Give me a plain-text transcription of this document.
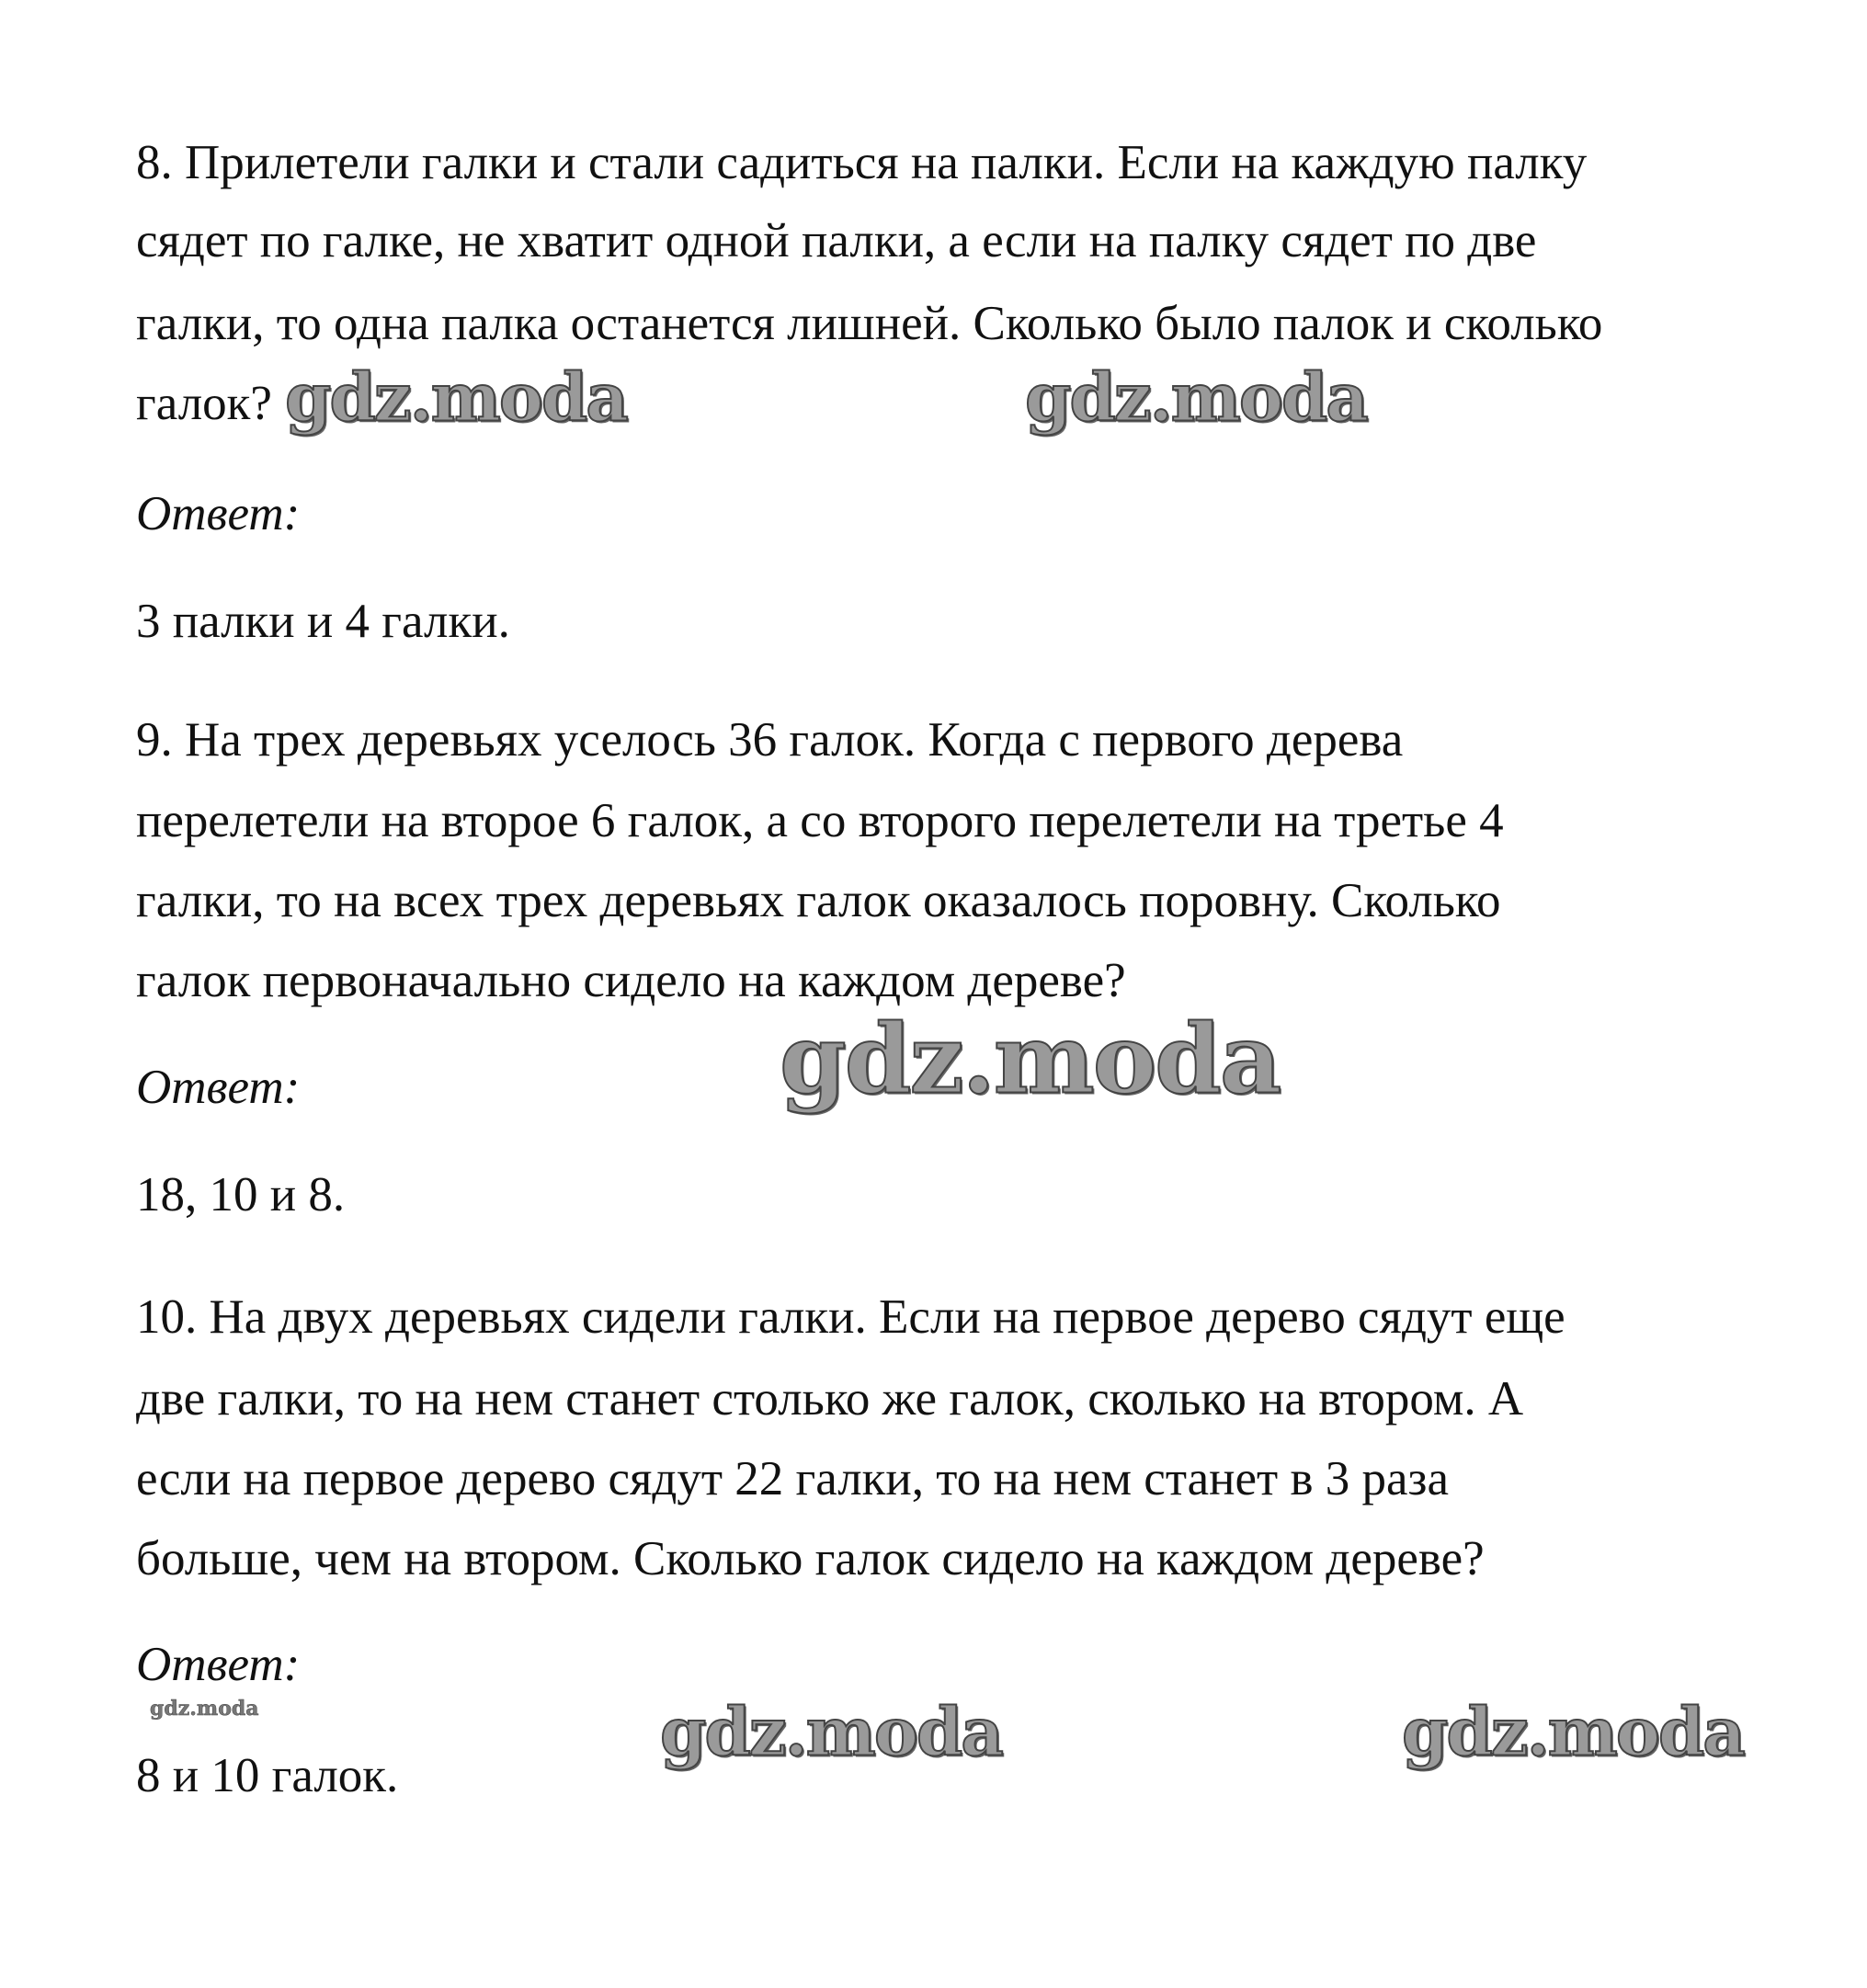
8. Прилетели галки и стали садиться на палки. Если на каждую палку
сядет по галке, не хватит одной палки, а если на палку сядет по две
галки, то одна палка останется лишней. Сколько было палок и сколько
галок?
Ответ:
3 палки и 4 галки.
9. На трех деревьях уселось 36 галок. Когда с первого дерева
перелетели на второе 6 галок, а со второго перелетели на третье 4
галки, то на всех трех деревьях галок оказалось поровну. Сколько
галок первоначально сидело на каждом дереве?
Ответ:
18, 10 и 8.
10. На двух деревьях сидели галки. Если на первое дерево сядут еще
две галки, то на нем станет столько же галок, сколько на втором. А
если на первое дерево сядут 22 галки, то на нем станет в 3 раза
больше, чем на втором. Сколько галок сидело на каждом дереве?
Ответ:
8 и 10 галок.
gdz.moda	gdz.moda
gdz.moda
gdz.moda	gdz.moda	gdz.moda
